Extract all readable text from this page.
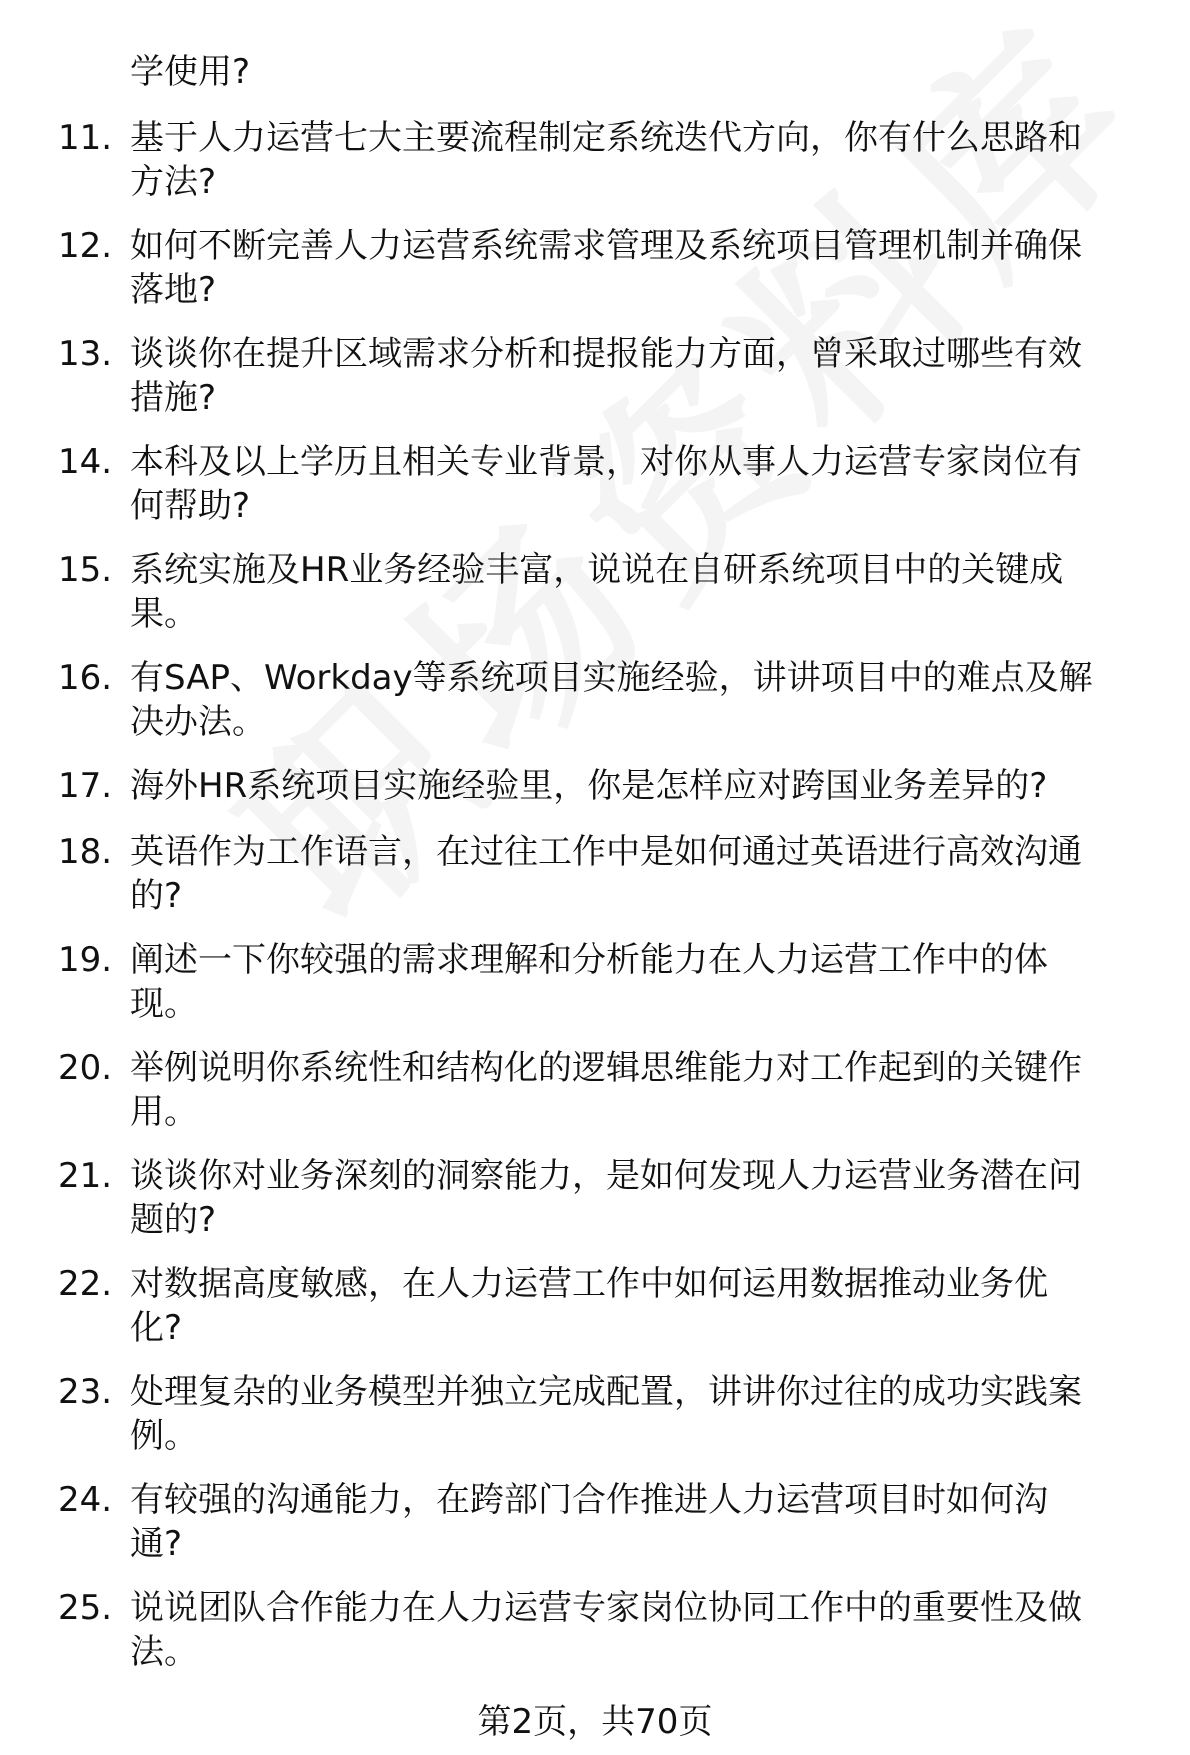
学使用?

11. 基于人力运营七大主要流程制定系统迭代方向，你有什么思路和
方法?
12. 如何不断完善人力运营系统需求管理及系统项目管理机制并确保
落地?
13. 谈谈你在提升区域需求分析和提报能力方面，曾采取过哪些有效
措施?
14. 本科及以上学历且相关专业背景，对你从事人力运营专家岗位有
何帮助?
15. 系统实施及HR业务经验丰富，说说在自研系统项目中的关键成
果。
16. 有SAP、Workday等系统项目实施经验，讲讲项目中的难点及解
决办法。
17. 海外HR系统项目实施经验里，你是怎样应对跨国业务差异的?
18. 英语作为工作语言，在过往工作中是如何通过英语进行高效沟通
的?
19. 阐述一下你较强的需求理解和分析能力在人力运营工作中的体
现。
20. 举例说明你系统性和结构化的逻辑思维能力对工作起到的关键作
用。
21. 谈谈你对业务深刻的洞察能力，是如何发现人力运营业务潜在问
题的?
22. 对数据高度敏感，在人力运营工作中如何运用数据推动业务优
化?
23. 处理复杂的业务模型并独立完成配置，讲讲你过往的成功实践案
例。
24. 有较强的沟通能力，在跨部门合作推进人力运营项目时如何沟
通?
25. 说说团队合作能力在人力运营专家岗位协同工作中的重要性及做
法。
第2页，共70页
